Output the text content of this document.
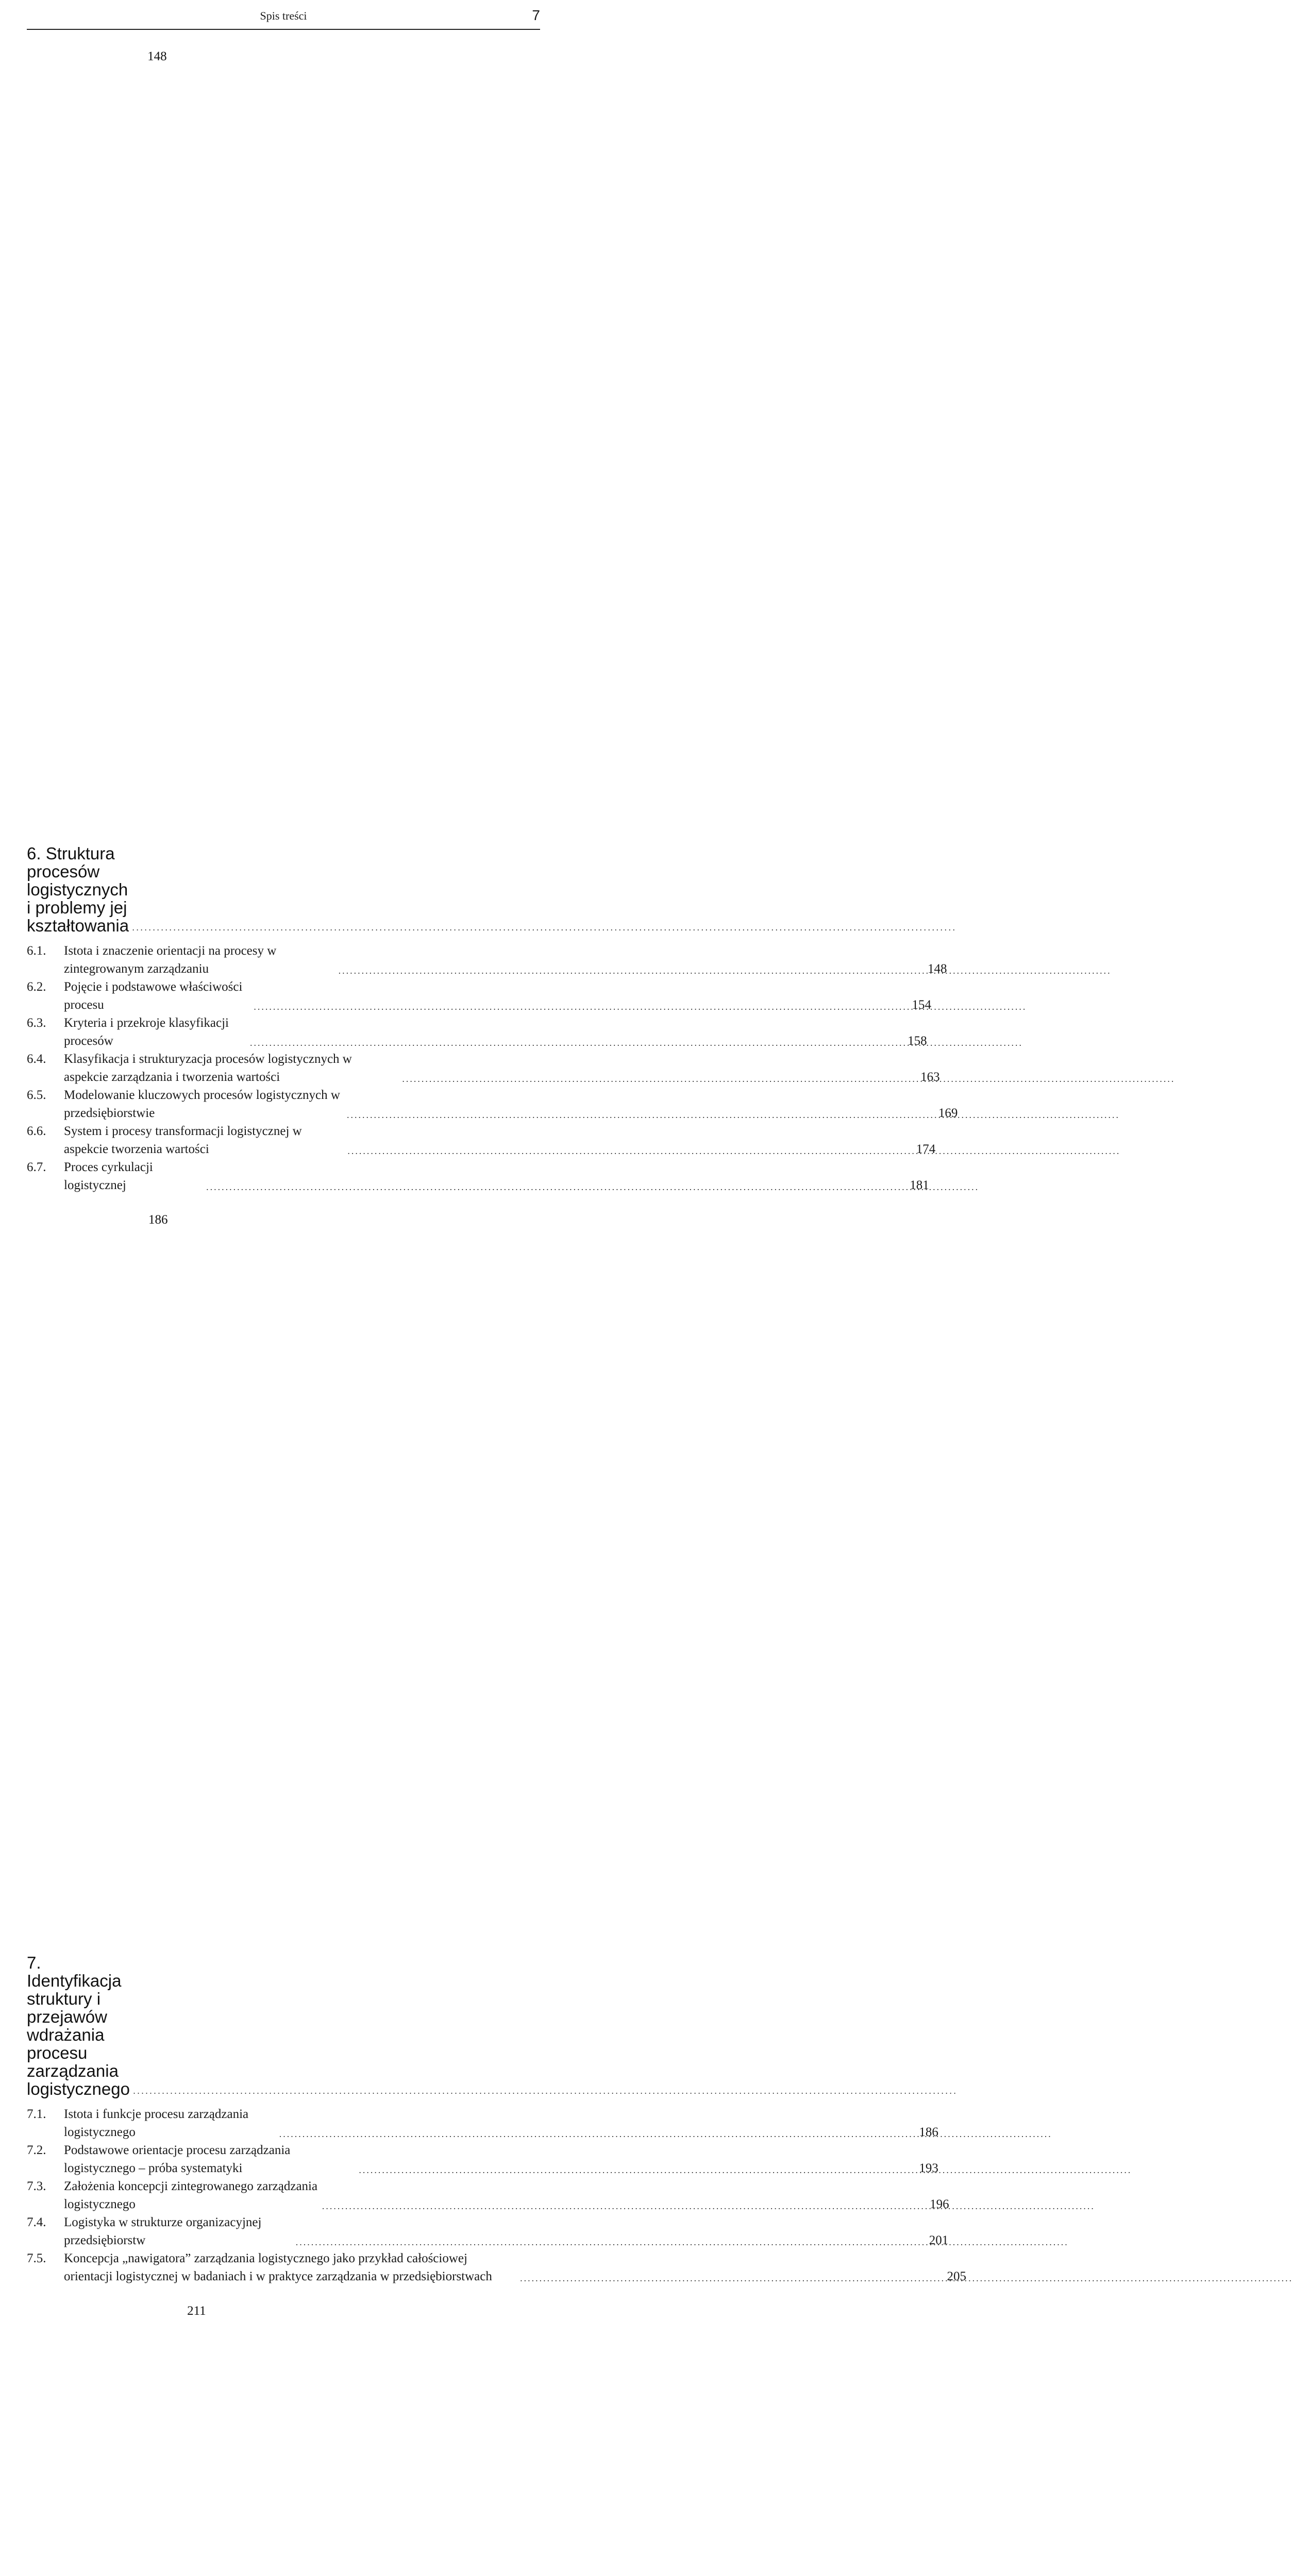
Spis treści	7
6. Struktura procesów logistycznych i problemy jej kształtowania
.....
148
6.1.	Istota i znaczenie orientacji na procesy w zintegrowanym zarządzaniu .....	148
6.2.	Pojęcie i podstawowe właściwości procesu .....	154
6.3.	Kryteria i przekroje klasyfikacji procesów .....	158
6.4.	Klasyfikacja i strukturyzacja procesów logistycznych w aspekcie zarządzania i tworzenia wartości .....	163
6.5.	Modelowanie kluczowych procesów logistycznych w przedsiębiorstwie .....	169
6.6.	System i procesy transformacji logistycznej w aspekcie tworzenia wartości .....	174
6.7.	Proces cyrkulacji logistycznej .....	181
7. Identyfikacja struktury i przejawów wdrażania procesu zarządzania logistycznego
.....
186
7.1.	Istota i funkcje procesu zarządzania logistycznego .....	186
7.2.	Podstawowe orientacje procesu zarządzania logistycznego – próba systematyki .....	193
7.3.	Założenia koncepcji zintegrowanego zarządzania logistycznego .....	196
7.4.	Logistyka w strukturze organizacyjnej przedsiębiorstw .....	201
7.5.	Koncepcja „nawigatora” zarządzania logistycznego jako przykład całościowej orientacji logistycznej w badaniach i w praktyce zarządzania w przedsiębiorstwach .....	205
211
